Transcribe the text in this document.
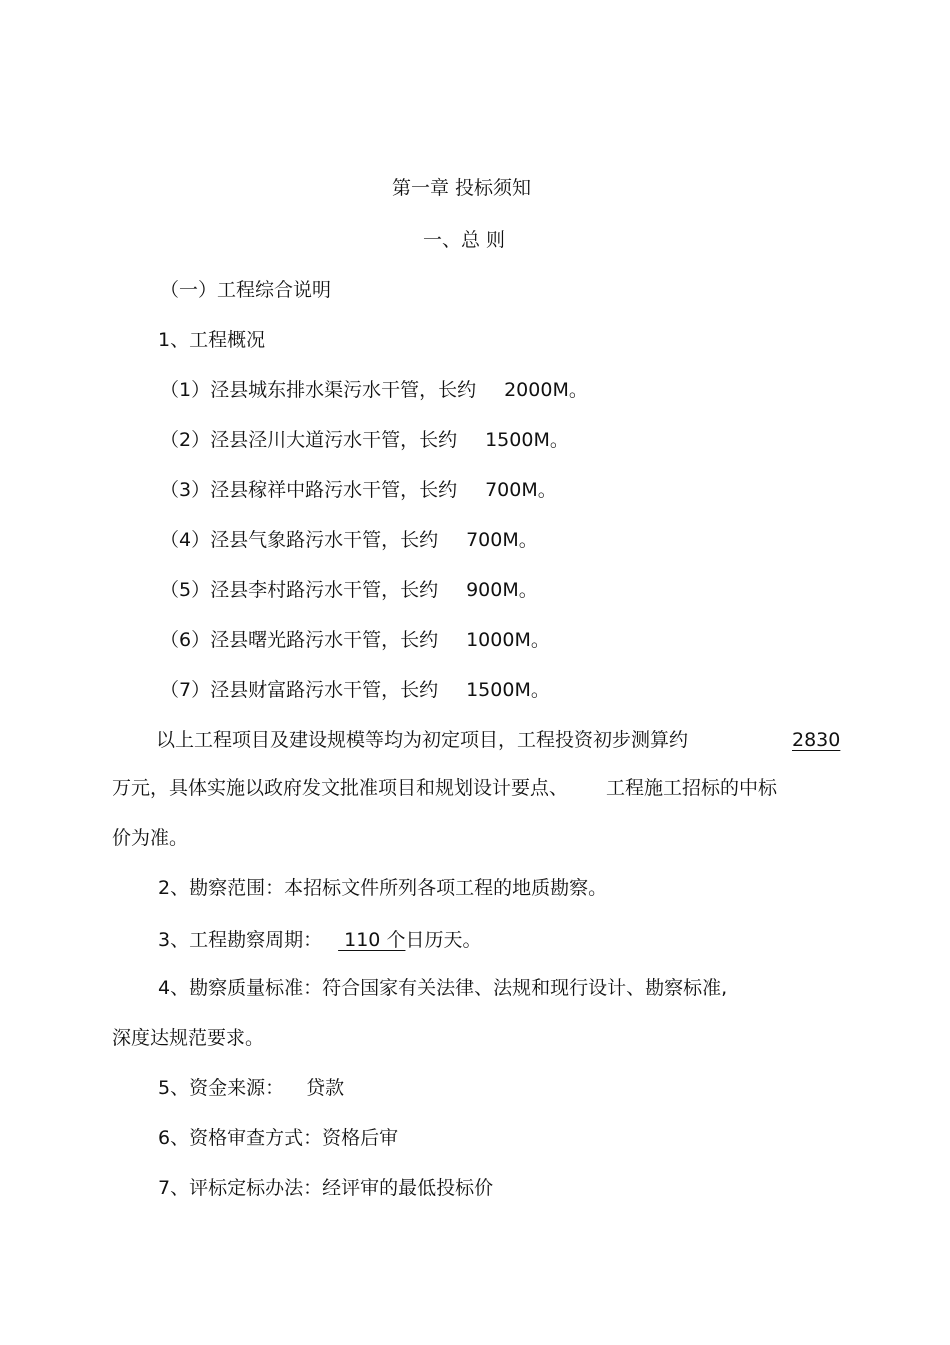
第一章 投标须知

一、总 则

（一）工程综合说明

1、工程概况

（1）泾县城东排水渠污水干管，长约 2000M。

（2）泾县泾川大道污水干管，长约 1500M。

（3）泾县稼祥中路污水干管，长约 700M。

（4）泾县气象路污水干管，长约 700M。

（5）泾县李村路污水干管，长约 900M。

（6）泾县曙光路污水干管，长约 1000M。

（7）泾县财富路污水干管，长约 1500M。

以上工程项目及建设规模等均为初定项目，工程投资初步测算约	2830

万元，具体实施以政府发文批准项目和规划设计要点、 工程施工招标的中标

价为准。

2、勘察范围：本招标文件所列各项工程的地质勘察。

3、工程勘察周期： 110 个日历天。

4、勘察质量标准：符合国家有关法律、法规和现行设计、勘察标准,

深度达规范要求。

5、资金来源： 贷款

6、资格审查方式：资格后审

7、评标定标办法：经评审的最低投标价
